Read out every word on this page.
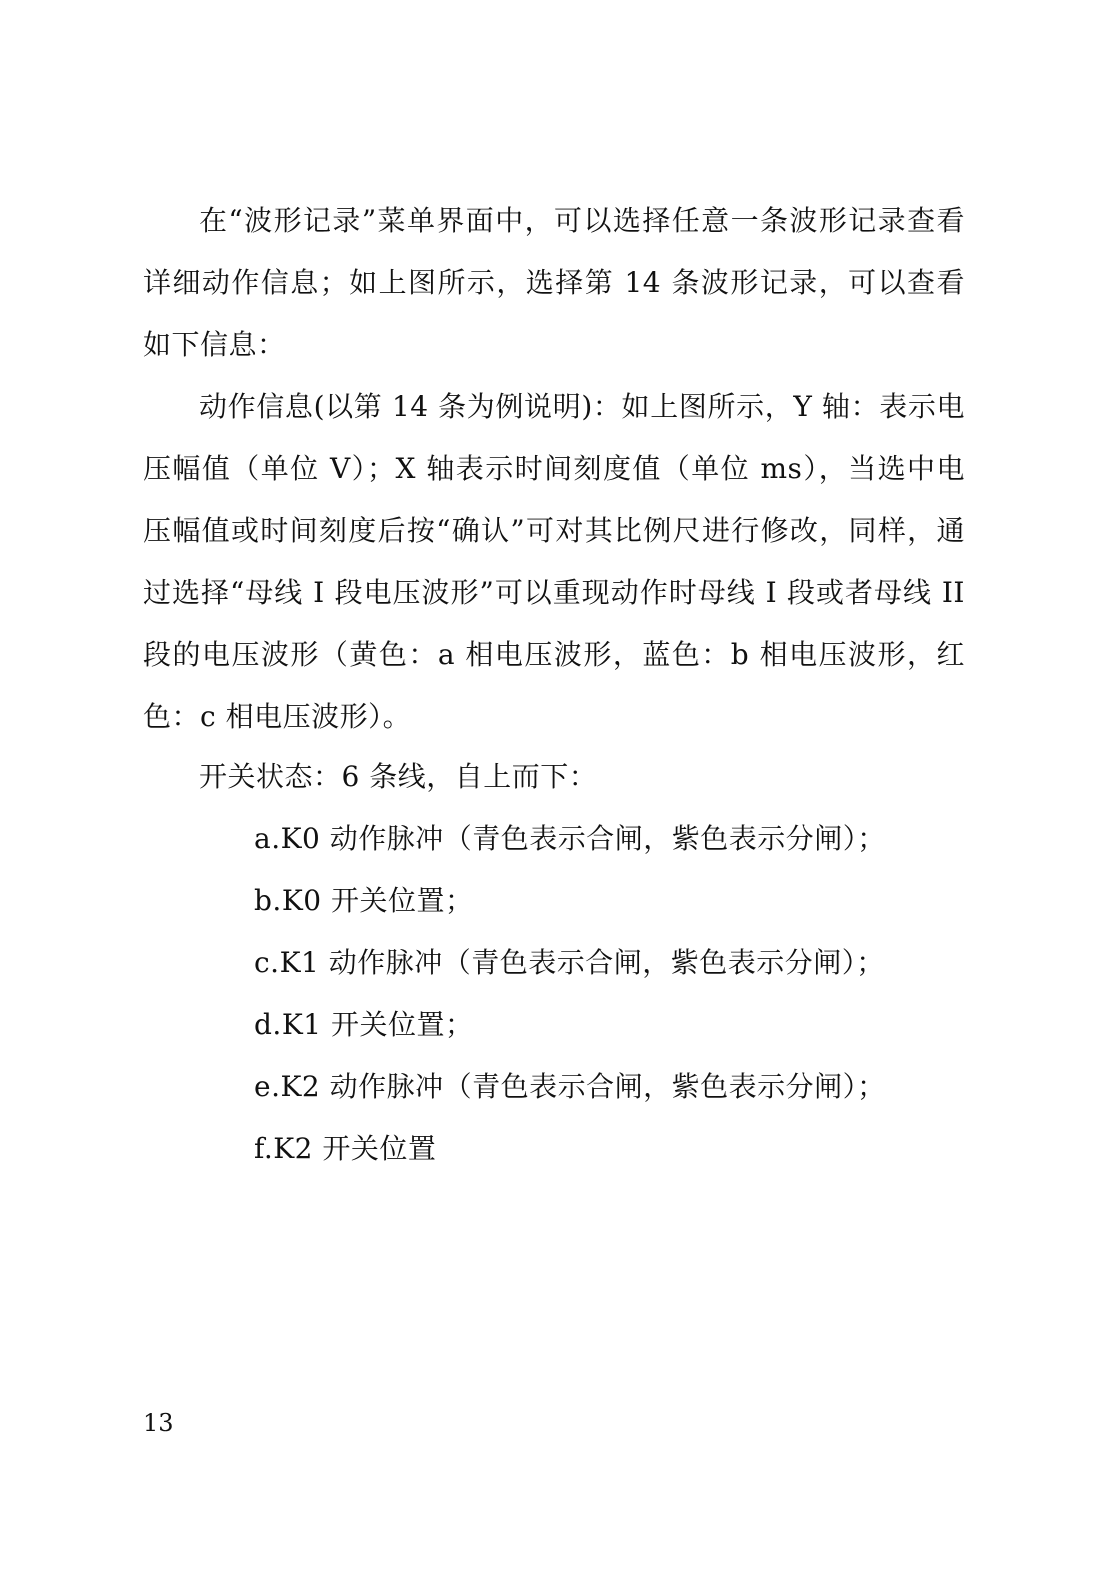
在“波形记录”菜单界面中，可以选择任意一条波形记录查看详细动作信息；如上图所示，选择第 14 条波形记录，可以查看如下信息：

动作信息(以第 14 条为例说明)：如上图所示，Y 轴：表示电压幅值（单位 V）；X 轴表示时间刻度值（单位 ms），当选中电压幅值或时间刻度后按“确认”可对其比例尺进行修改，同样，通过选择“母线 I 段电压波形”可以重现动作时母线 I 段或者母线 II 段的电压波形（黄色：a 相电压波形，蓝色：b 相电压波形，红色：c 相电压波形）。

开关状态：6 条线，自上而下：

a.K0 动作脉冲（青色表示合闸，紫色表示分闸）；
b.K0 开关位置；
c.K1 动作脉冲（青色表示合闸，紫色表示分闸）；
d.K1 开关位置；
e.K2 动作脉冲（青色表示合闸，紫色表示分闸）；
f.K2 开关位置

13
